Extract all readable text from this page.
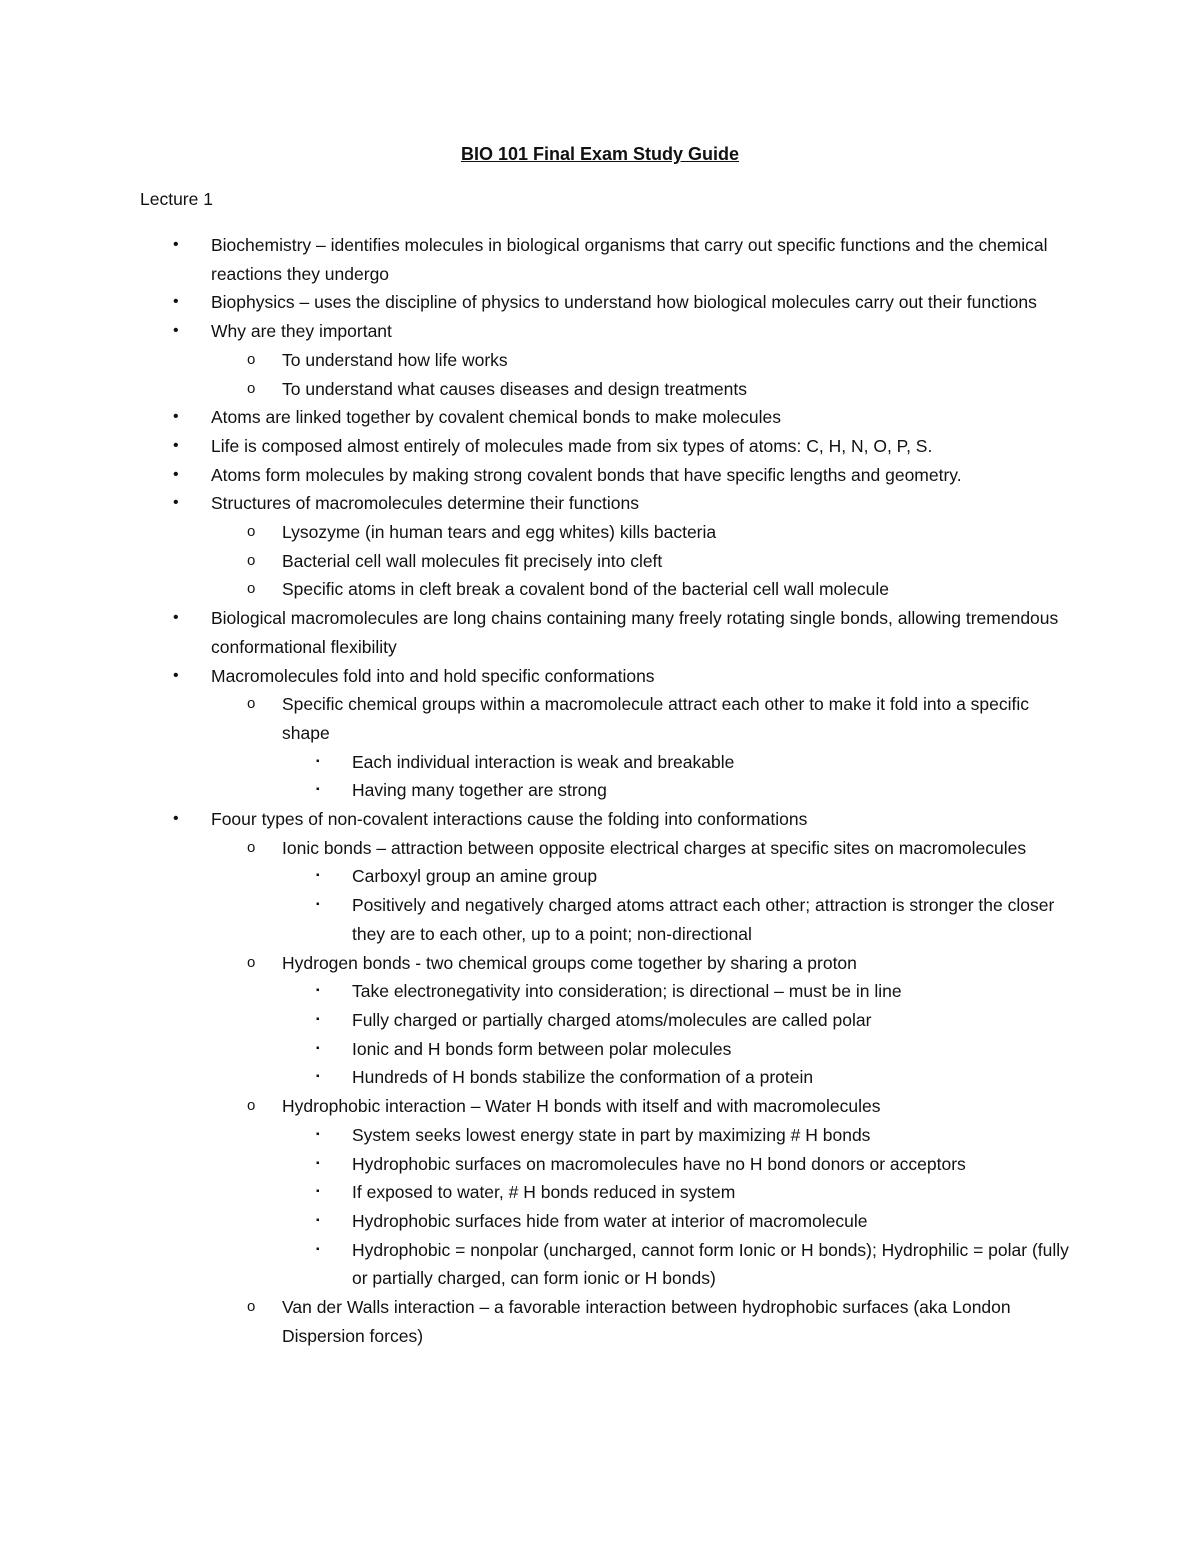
BIO 101 Final Exam Study Guide
Lecture 1
• Biochemistry – identifies molecules in biological organisms that carry out specific functions and the chemical reactions they undergo
• Biophysics – uses the discipline of physics to understand how biological molecules carry out their functions
• Why are they important
o To understand how life works
o To understand what causes diseases and design treatments
• Atoms are linked together by covalent chemical bonds to make molecules
• Life is composed almost entirely of molecules made from six types of atoms: C, H, N, O, P, S.
• Atoms form molecules by making strong covalent bonds that have specific lengths and geometry.
• Structures of macromolecules determine their functions
o Lysozyme (in human tears and egg whites) kills bacteria
o Bacterial cell wall molecules fit precisely into cleft
o Specific atoms in cleft break a covalent bond of the bacterial cell wall molecule
• Biological macromolecules are long chains containing many freely rotating single bonds, allowing tremendous conformational flexibility
• Macromolecules fold into and hold specific conformations
o Specific chemical groups within a macromolecule attract each other to make it fold into a specific shape
▪ Each individual interaction is weak and breakable
▪ Having many together are strong
• Foour types of non-covalent interactions cause the folding into conformations
o Ionic bonds – attraction between opposite electrical charges at specific sites on macromolecules
▪ Carboxyl group an amine group
▪ Positively and negatively charged atoms attract each other; attraction is stronger the closer they are to each other, up to a point; non-directional
o Hydrogen bonds - two chemical groups come together by sharing a proton
▪ Take electronegativity into consideration; is directional – must be in line
▪ Fully charged or partially charged atoms/molecules are called polar
▪ Ionic and H bonds form between polar molecules
▪ Hundreds of H bonds stabilize the conformation of a protein
o Hydrophobic interaction – Water H bonds with itself and with macromolecules
▪ System seeks lowest energy state in part by maximizing # H bonds
▪ Hydrophobic surfaces on macromolecules have no H bond donors or acceptors
▪ If exposed to water, # H bonds reduced in system
▪ Hydrophobic surfaces hide from water at interior of macromolecule
▪ Hydrophobic = nonpolar (uncharged, cannot form Ionic or H bonds); Hydrophilic = polar (fully or partially charged, can form ionic or H bonds)
o Van der Walls interaction – a favorable interaction between hydrophobic surfaces (aka London Dispersion forces)
